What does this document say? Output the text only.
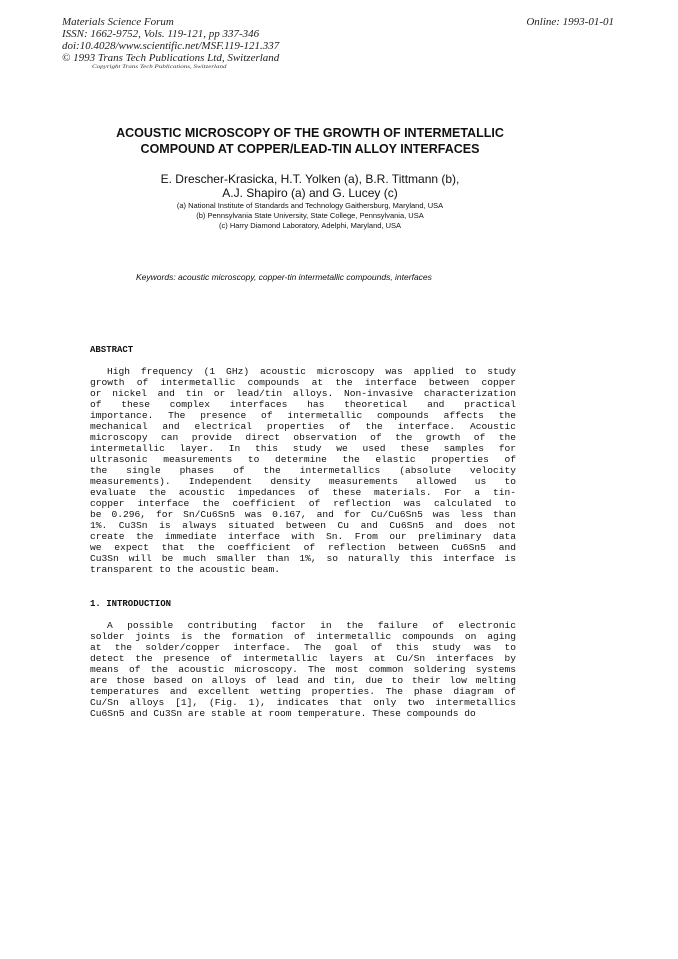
Materials Science Forum
ISSN: 1662-9752, Vols. 119-121, pp 337-346
doi:10.4028/www.scientific.net/MSF.119-121.337
© 1993 Trans Tech Publications Ltd, Switzerland
Online: 1993-01-01
Copyright Trans Tech Publications, Switzerland
ACOUSTIC MICROSCOPY OF THE GROWTH OF INTERMETALLIC
COMPOUND AT COPPER/LEAD-TIN ALLOY INTERFACES
E. Drescher-Krasicka, H.T. Yolken (a), B.R. Tittmann (b),
A.J. Shapiro (a) and G. Lucey (c)
(a) National Institute of Standards and Technology Gaithersburg, Maryland, USA
(b) Pennsylvania State University, State College, Pennsylvania, USA
(c) Harry Diamond Laboratory, Adelphi, Maryland, USA
Keywords: acoustic microscopy, copper-tin intermetallic compounds, interfaces
ABSTRACT
High frequency (1 GHz) acoustic microscopy was applied to study
growth of intermetallic compounds at the interface between copper
or nickel and tin or lead/tin alloys. Non-invasive characterization
of these complex interfaces has theoretical and practical
importance. The presence of intermetallic compounds affects the
mechanical and electrical properties of the interface. Acoustic
microscopy can provide direct observation of the growth of the
intermetallic layer. In this study we used these samples for
ultrasonic measurements to determine the elastic properties of
the single phases of the intermetallics (absolute velocity
measurements). Independent density measurements allowed us to
evaluate the acoustic impedances of these materials. For a tin-
copper interface the coefficient of reflection was calculated to
be 0.296, for Sn/Cu6Sn5 was 0.167, and for Cu/Cu6Sn5 was less than
1%. Cu3Sn is always situated between Cu and Cu6Sn5 and does not
create the immediate interface with Sn. From our preliminary data
we expect that the coefficient of reflection between Cu6Sn5 and
Cu3Sn will be much smaller than 1%, so naturally this interface is
transparent to the acoustic beam.
1. INTRODUCTION
A possible contributing factor in the failure of electronic
solder joints is the formation of intermetallic compounds on aging
at the solder/copper interface. The goal of this study was to
detect the presence of intermetallic layers at Cu/Sn interfaces by
means of the acoustic microscopy. The most common soldering systems
are those based on alloys of lead and tin, due to their low melting
temperatures and excellent wetting properties. The phase diagram of
Cu/Sn alloys [1], (Fig. 1), indicates that only two intermetallics
Cu6Sn5 and Cu3Sn are stable at room temperature. These compounds do
